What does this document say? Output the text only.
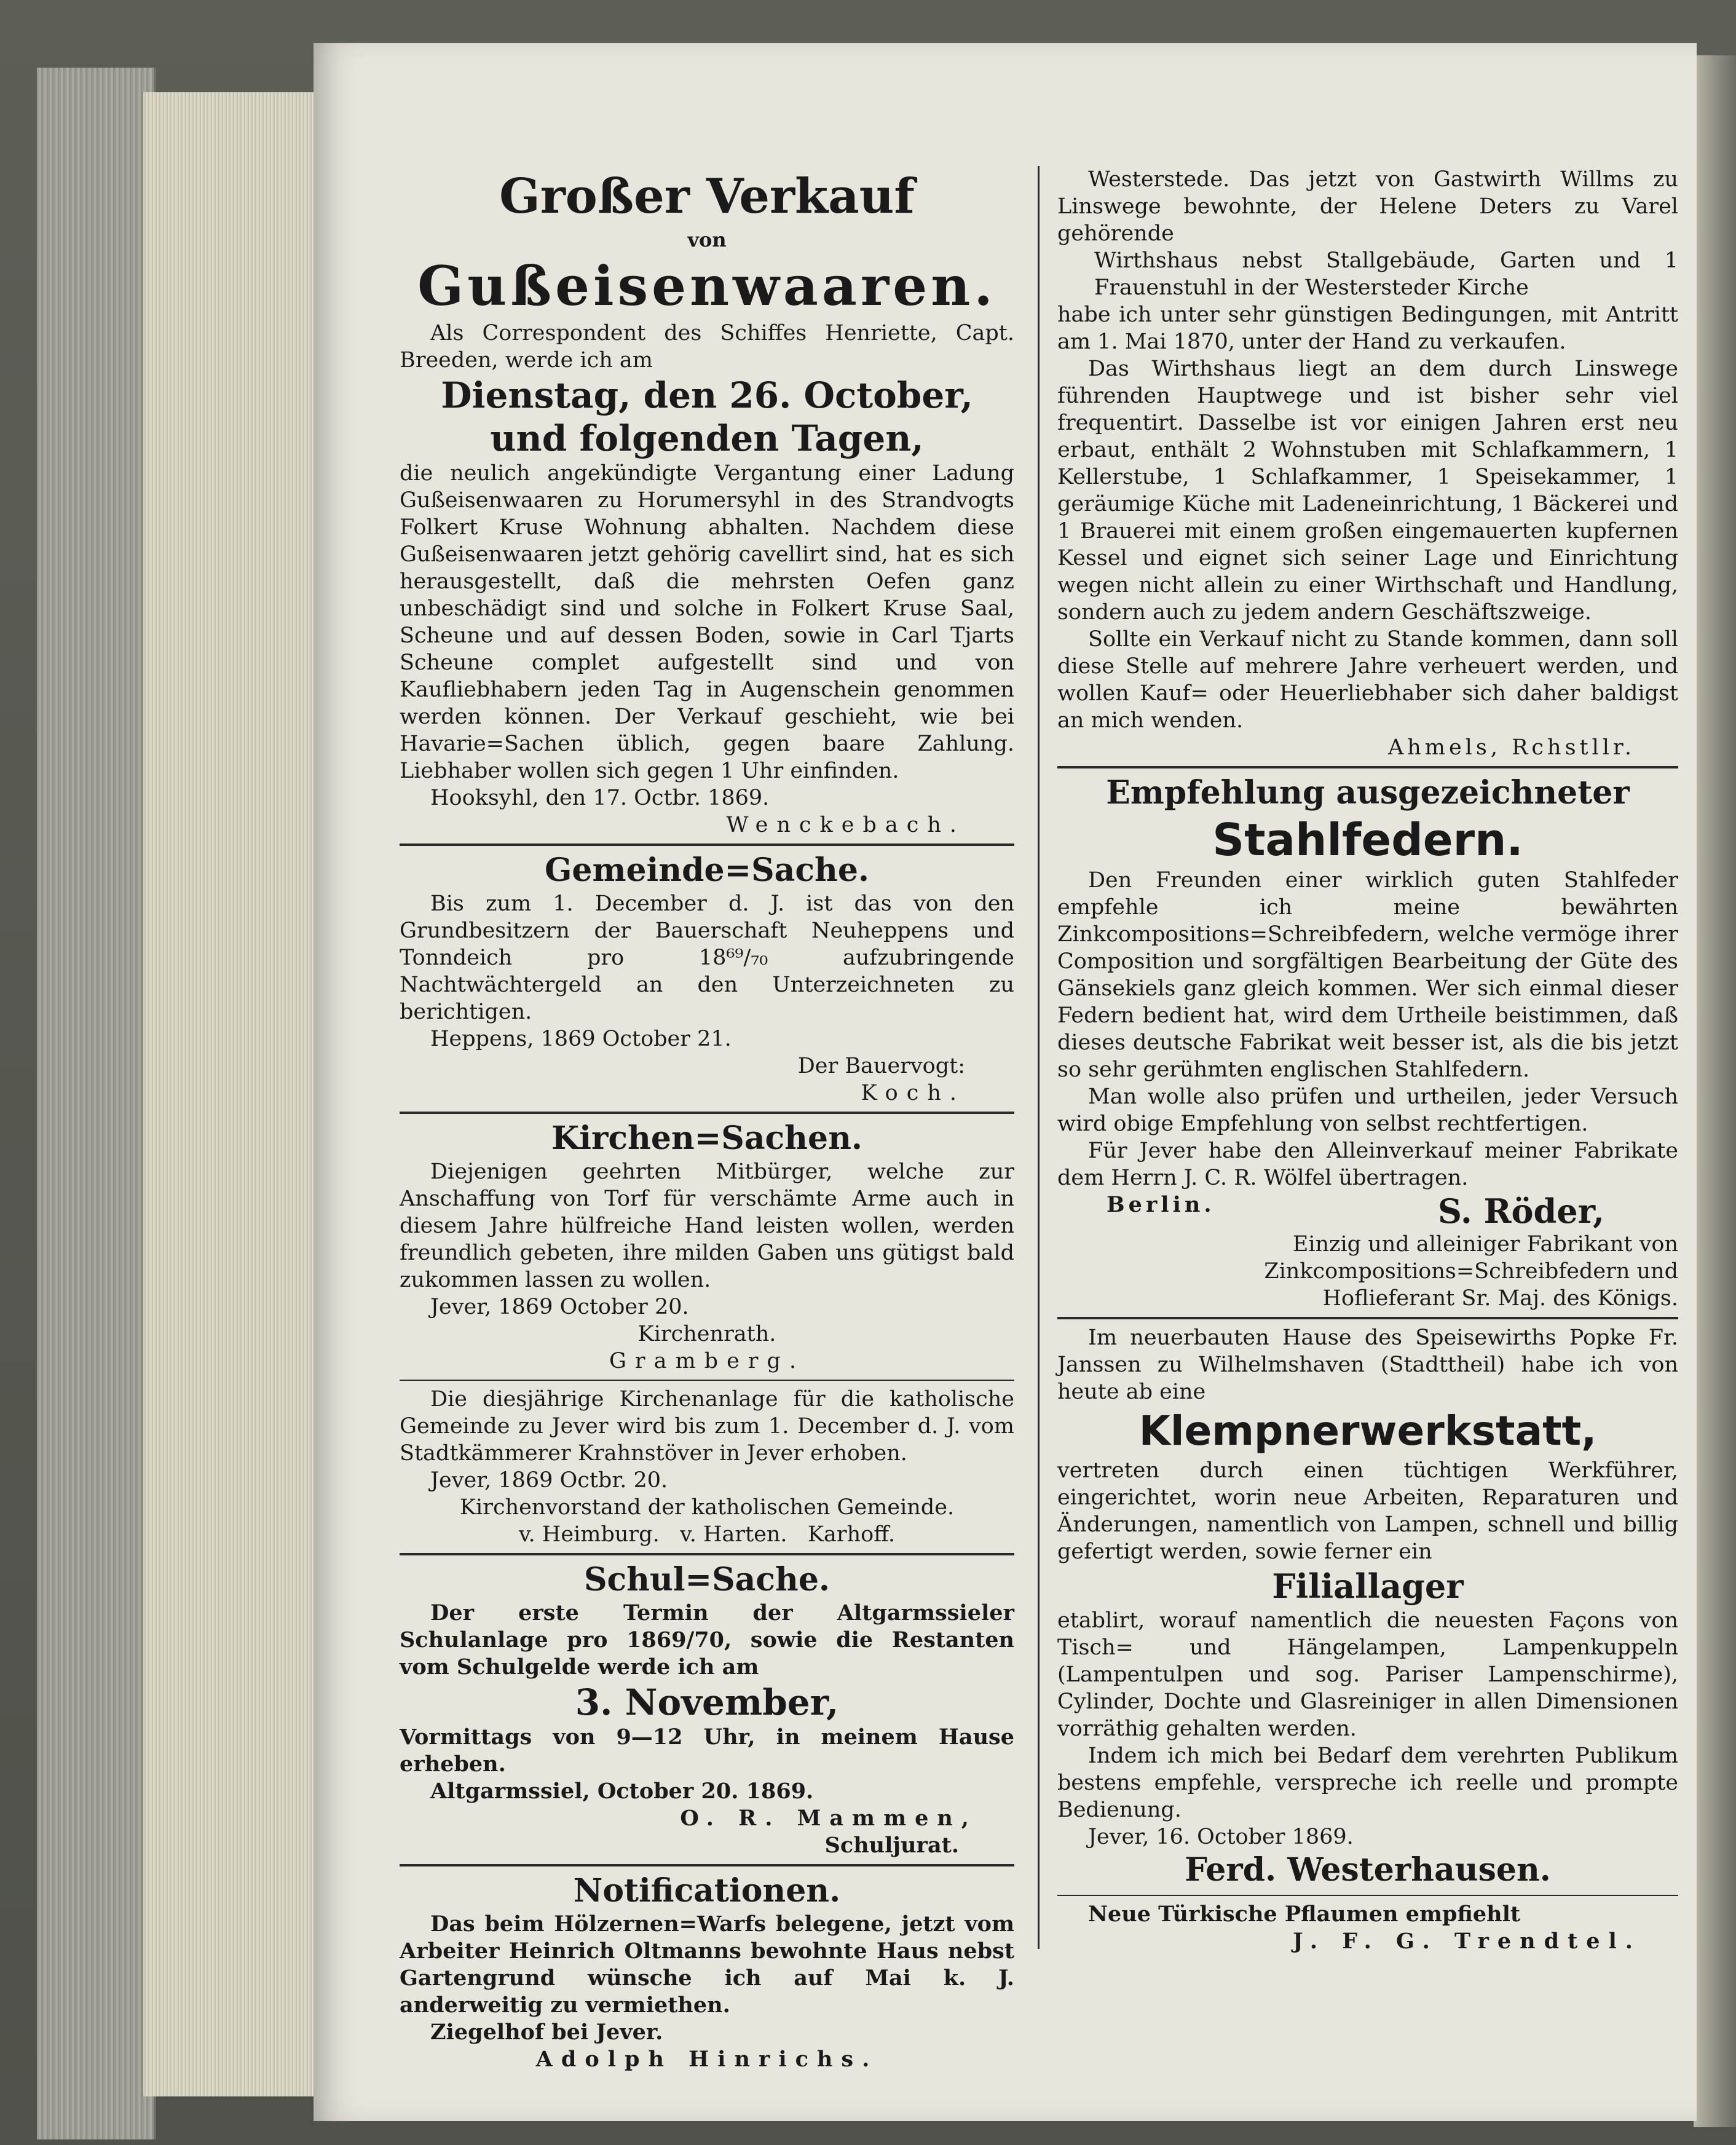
Großer Verkauf

von

Gußeisenwaaren.

Als Correspondent des Schiffes Henriette, Capt. Breeden, werde ich am

Dienstag, den 26. October,

und folgenden Tagen,

die neulich angekündigte Vergantung einer Ladung Gußeisenwaaren zu Horumersyhl in des Strandvogts Folkert Kruse Wohnung abhalten. Nachdem diese Gußeisenwaaren jetzt gehörig cavellirt sind, hat es sich herausgestellt, daß die mehrsten Oefen ganz unbeschädigt sind und solche in Folkert Kruse Saal, Scheune und auf dessen Boden, sowie in Carl Tjarts Scheune complet aufgestellt sind und von Kaufliebhabern jeden Tag in Augenschein genommen werden können. Der Verkauf geschieht, wie bei Havarie=Sachen üblich, gegen baare Zahlung. Liebhaber wollen sich gegen 1 Uhr einfinden.

Hooksyhl, den 17. Octbr. 1869.

Wenckebach.

Gemeinde=Sache.

Bis zum 1. December d. J. ist das von den Grundbesitzern der Bauerschaft Neuheppens und Tonndeich pro 18⁶⁹/₇₀ aufzubringende Nachtwächtergeld an den Unterzeichneten zu berichtigen.

Heppens, 1869 October 21.

Der Bauervogt:

Koch.

Kirchen=Sachen.

Diejenigen geehrten Mitbürger, welche zur Anschaffung von Torf für verschämte Arme auch in diesem Jahre hülfreiche Hand leisten wollen, werden freundlich gebeten, ihre milden Gaben uns gütigst bald zukommen lassen zu wollen.

Jever, 1869 October 20.

Kirchenrath.

Gramberg.

Die diesjährige Kirchenanlage für die katholische Gemeinde zu Jever wird bis zum 1. December d. J. vom Stadtkämmerer Krahnstöver in Jever erhoben.

Jever, 1869 Octbr. 20.

Kirchenvorstand der katholischen Gemeinde.

v. Heimburg.   v. Harten.   Karhoff.

Schul=Sache.

Der erste Termin der Altgarmssieler Schulanlage pro 1869/70, sowie die Restanten vom Schulgelde werde ich am

3. November,

Vormittags von 9—12 Uhr, in meinem Hause erheben.

Altgarmssiel, October 20. 1869.

O. R. Mammen,

Schuljurat.

Notificationen.

Das beim Hölzernen=Warfs belegene, jetzt vom Arbeiter Heinrich Oltmanns bewohnte Haus nebst Gartengrund wünsche ich auf Mai k. J. anderweitig zu vermiethen.

Ziegelhof bei Jever.

Adolph Hinrichs.

Westerstede. Das jetzt von Gastwirth Willms zu Linswege bewohnte, der Helene Deters zu Varel gehörende

Wirthshaus nebst Stallgebäude, Garten und 1 Frauenstuhl in der Westersteder Kirche

habe ich unter sehr günstigen Bedingungen, mit Antritt am 1. Mai 1870, unter der Hand zu verkaufen.

Das Wirthshaus liegt an dem durch Linswege führenden Hauptwege und ist bisher sehr viel frequentirt. Dasselbe ist vor einigen Jahren erst neu erbaut, enthält 2 Wohnstuben mit Schlafkammern, 1 Kellerstube, 1 Schlafkammer, 1 Speisekammer, 1 geräumige Küche mit Ladeneinrichtung, 1 Bäckerei und 1 Brauerei mit einem großen eingemauerten kupfernen Kessel und eignet sich seiner Lage und Einrichtung wegen nicht allein zu einer Wirthschaft und Handlung, sondern auch zu jedem andern Geschäftszweige.

Sollte ein Verkauf nicht zu Stande kommen, dann soll diese Stelle auf mehrere Jahre verheuert werden, und wollen Kauf= oder Heuerliebhaber sich daher baldigst an mich wenden.

Ahmels, Rchstllr.

Empfehlung ausgezeichneter

Stahlfedern.

Den Freunden einer wirklich guten Stahlfeder empfehle ich meine bewährten Zinkcompositions=Schreibfedern, welche vermöge ihrer Composition und sorgfältigen Bearbeitung der Güte des Gänsekiels ganz gleich kommen. Wer sich einmal dieser Federn bedient hat, wird dem Urtheile beistimmen, daß dieses deutsche Fabrikat weit besser ist, als die bis jetzt so sehr gerühmten englischen Stahlfedern.

Man wolle also prüfen und urtheilen, jeder Versuch wird obige Empfehlung von selbst rechtfertigen.

Für Jever habe den Alleinverkauf meiner Fabrikate dem Herrn J. C. R. Wölfel übertragen.

Berlin.	S. Röder,

Einzig und alleiniger Fabrikant von

Zinkcompositions=Schreibfedern und

Hoflieferant Sr. Maj. des Königs.

Im neuerbauten Hause des Speisewirths Popke Fr. Janssen zu Wilhelmshaven (Stadttheil) habe ich von heute ab eine

Klempnerwerkstatt,

vertreten durch einen tüchtigen Werkführer, eingerichtet, worin neue Arbeiten, Reparaturen und Änderungen, namentlich von Lampen, schnell und billig gefertigt werden, sowie ferner ein

Filiallager

etablirt, worauf namentlich die neuesten Façons von Tisch= und Hängelampen, Lampenkuppeln (Lampentulpen und sog. Pariser Lampenschirme), Cylinder, Dochte und Glasreiniger in allen Dimensionen vorräthig gehalten werden.

Indem ich mich bei Bedarf dem verehrten Publikum bestens empfehle, verspreche ich reelle und prompte Bedienung.

Jever, 16. October 1869.

Ferd. Westerhausen.

Neue Türkische Pflaumen empfiehlt

J. F. G. Trendtel.
